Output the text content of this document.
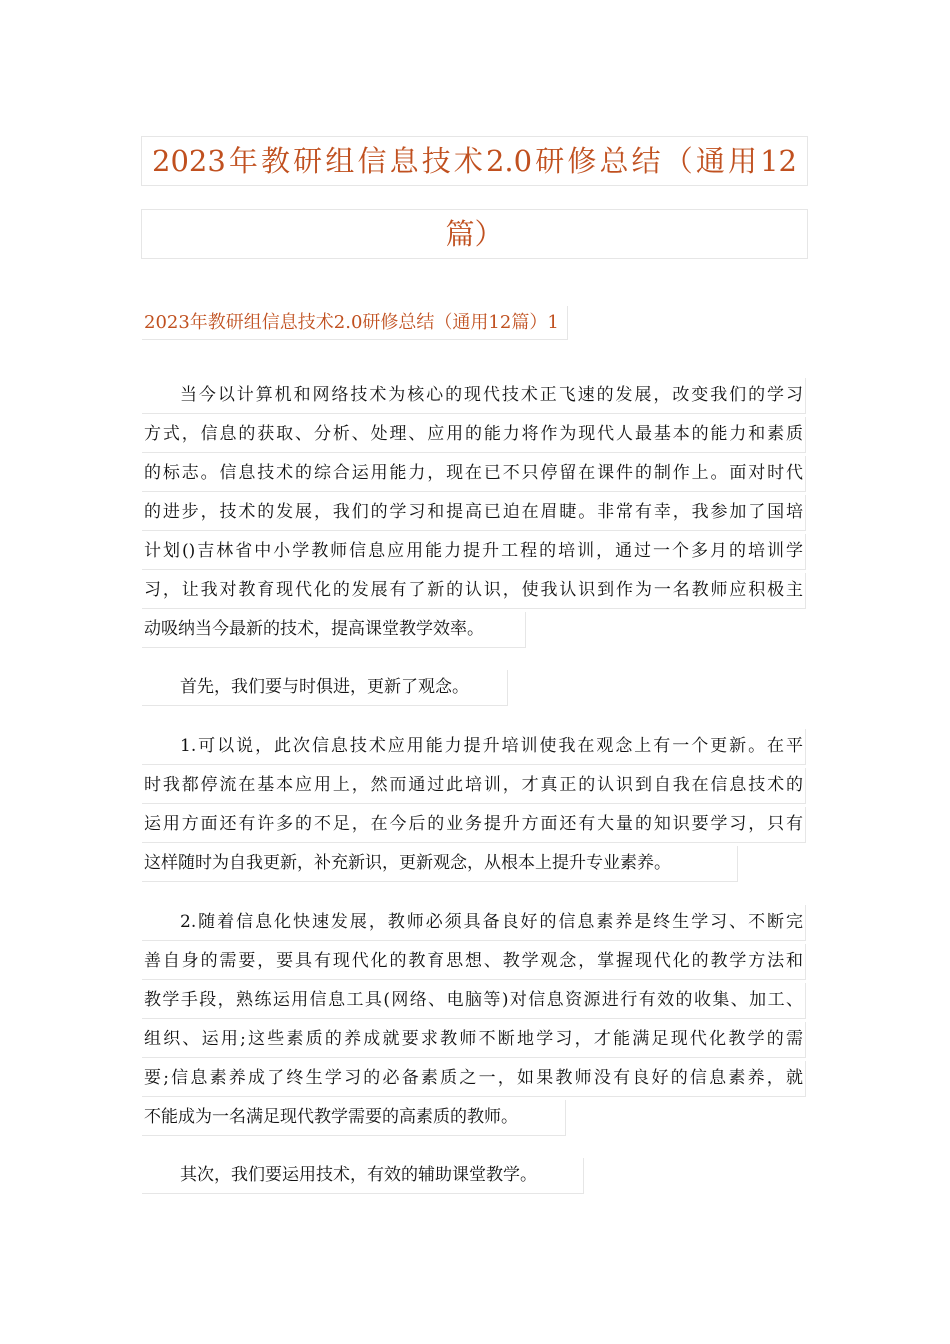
2023年教研组信息技术2.0研修总结（通用12
篇）
2023年教研组信息技术2.0研修总结（通用12篇）1
当今以计算机和网络技术为核心的现代技术正飞速的发展，改变我们的学习
方式，信息的获取、分析、处理、应用的能力将作为现代人最基本的能力和素质
的标志。信息技术的综合运用能力，现在已不只停留在课件的制作上。面对时代
的进步，技术的发展，我们的学习和提高已迫在眉睫。非常有幸，我参加了国培
计划()吉林省中小学教师信息应用能力提升工程的培训，通过一个多月的培训学
习，让我对教育现代化的发展有了新的认识，使我认识到作为一名教师应积极主
动吸纳当今最新的技术，提高课堂教学效率。
首先，我们要与时俱进，更新了观念。
1.可以说，此次信息技术应用能力提升培训使我在观念上有一个更新。在平
时我都停流在基本应用上，然而通过此培训，才真正的认识到自我在信息技术的
运用方面还有许多的不足，在今后的业务提升方面还有大量的知识要学习，只有
这样随时为自我更新，补充新识，更新观念，从根本上提升专业素养。
2.随着信息化快速发展，教师必须具备良好的信息素养是终生学习、不断完
善自身的需要，要具有现代化的教育思想、教学观念，掌握现代化的教学方法和
教学手段，熟练运用信息工具(网络、电脑等)对信息资源进行有效的收集、加工、
组织、运用;这些素质的养成就要求教师不断地学习，才能满足现代化教学的需
要;信息素养成了终生学习的必备素质之一，如果教师没有良好的信息素养，就
不能成为一名满足现代教学需要的高素质的教师。
其次，我们要运用技术，有效的辅助课堂教学。
